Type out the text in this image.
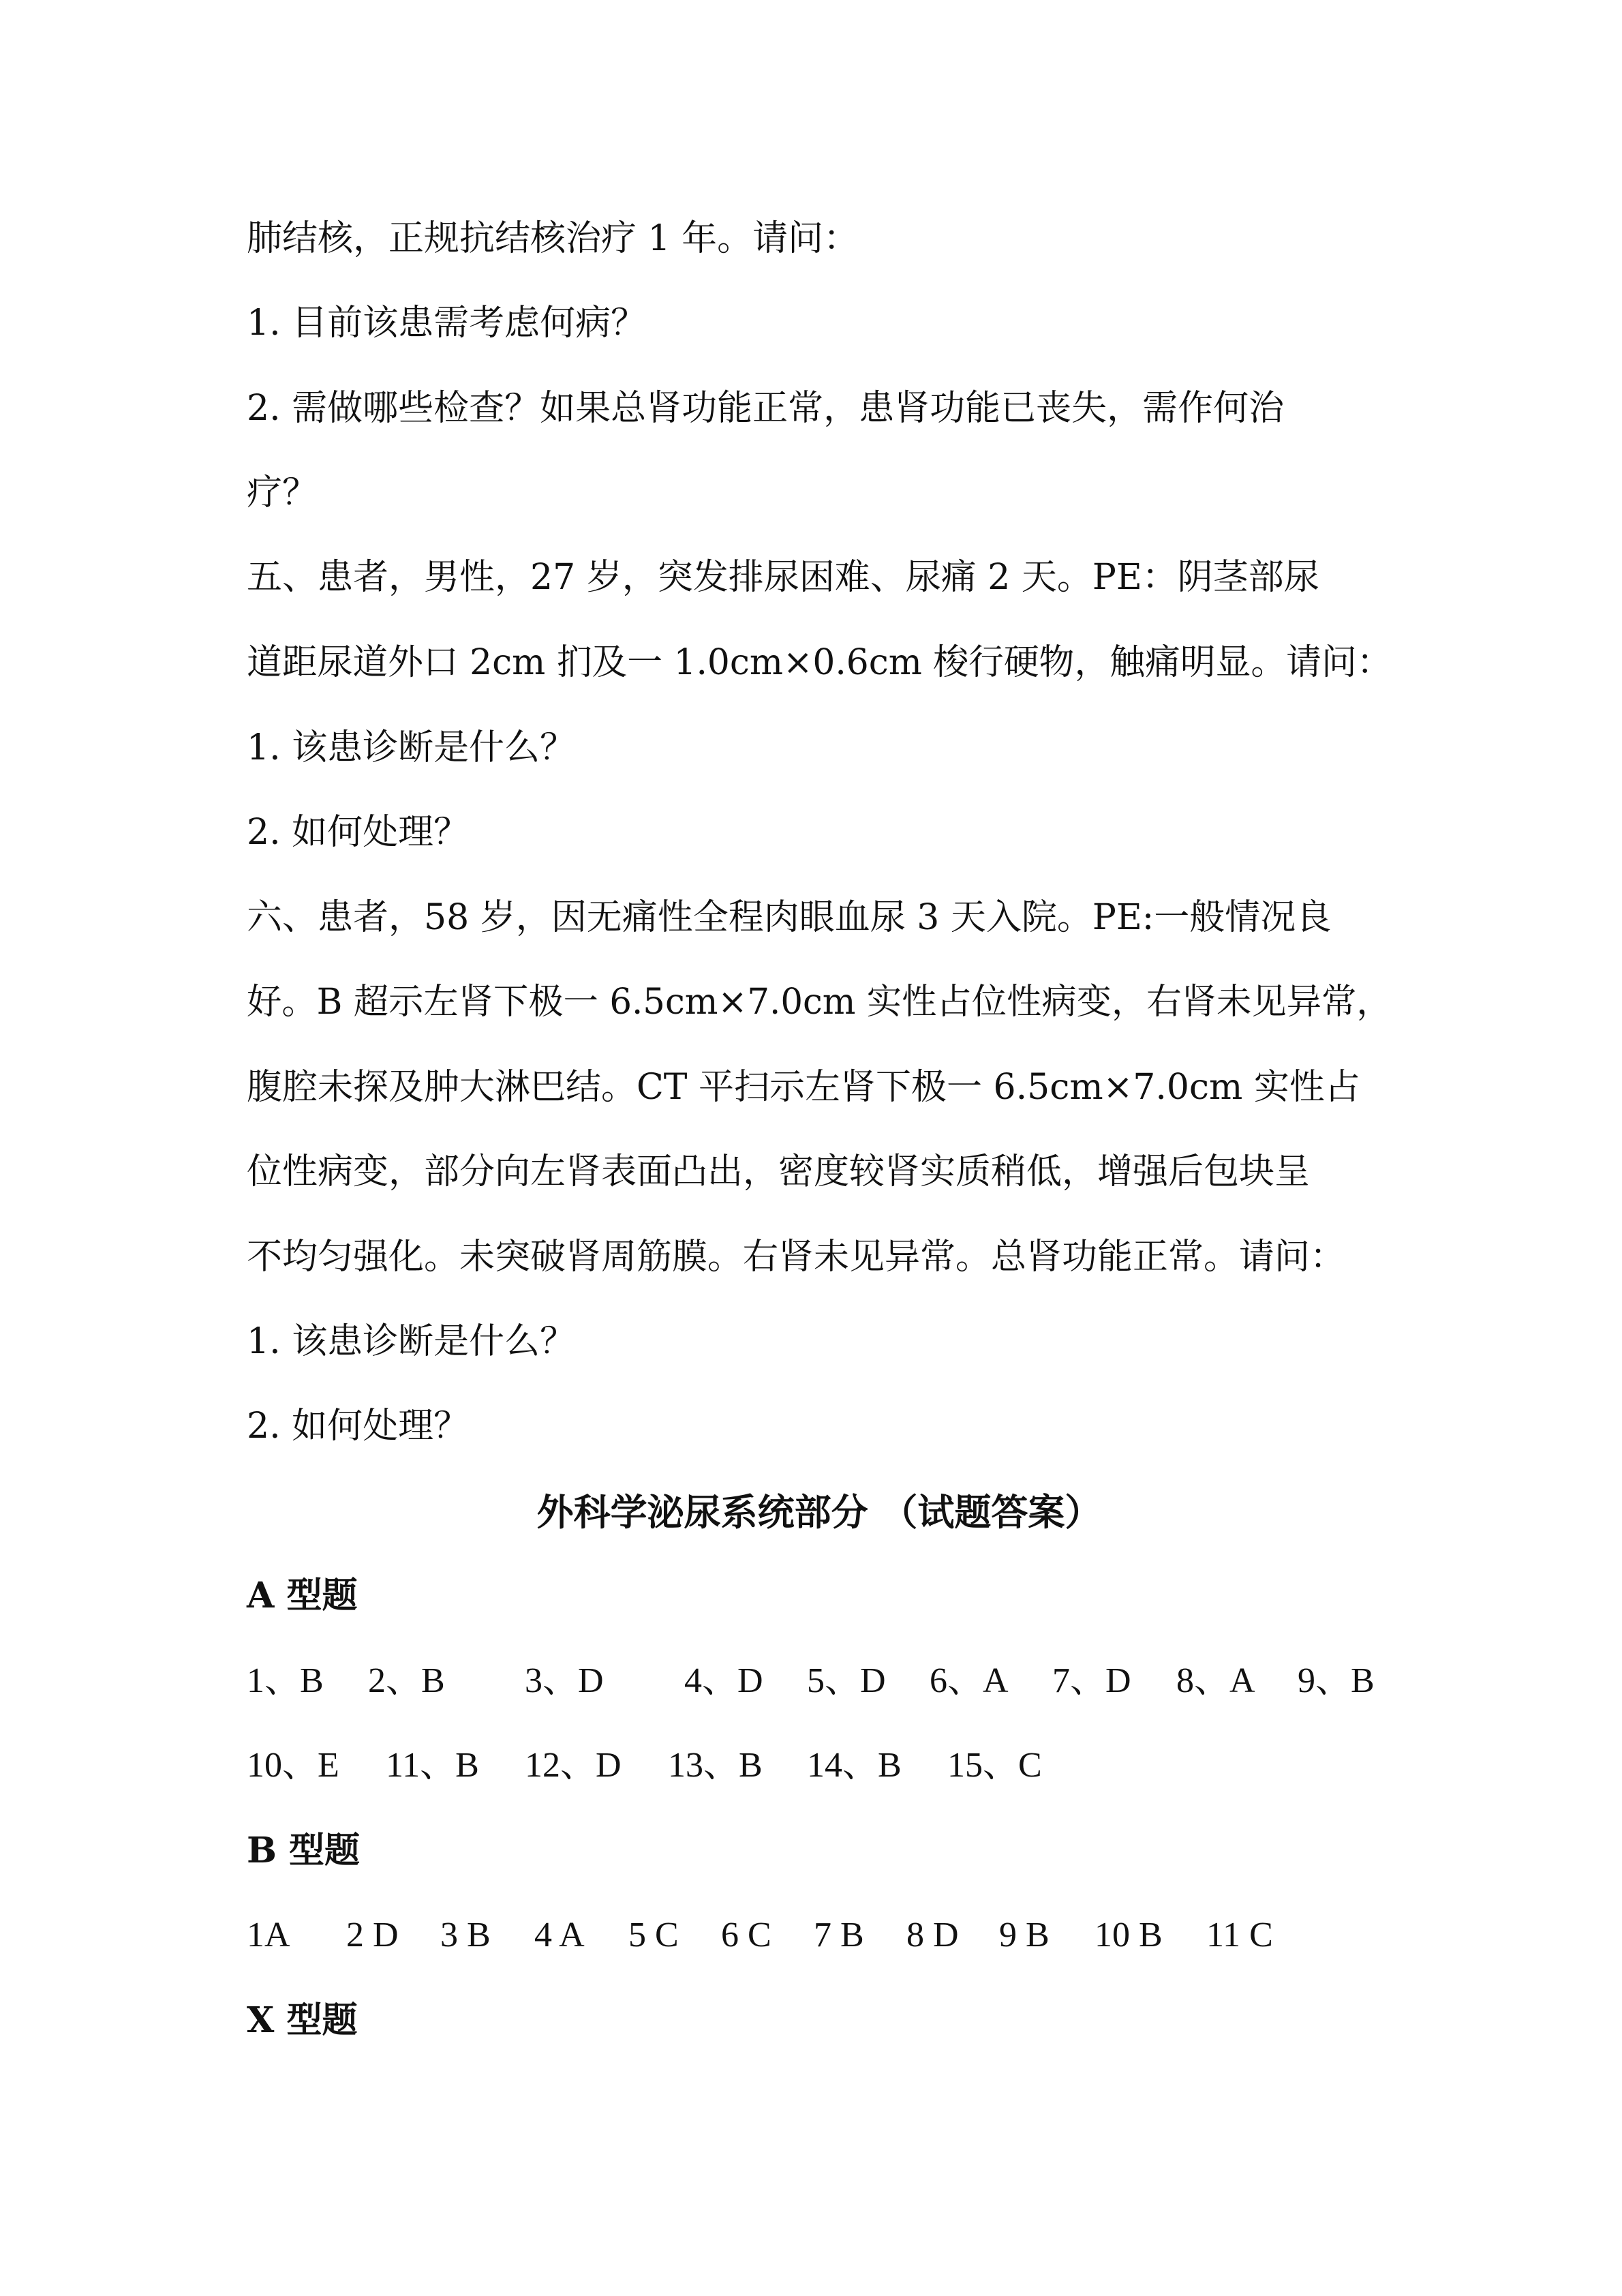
肺结核，正规抗结核治疗 1 年。请问：
1. 目前该患需考虑何病？
2. 需做哪些检查？如果总肾功能正常，患肾功能已丧失，需作何治
疗？
五、患者，男性，27 岁，突发排尿困难、尿痛 2 天。PE：阴茎部尿
道距尿道外口 2cm 扪及一 1.0cm×0.6cm 梭行硬物，触痛明显。请问：
1. 该患诊断是什么？
2. 如何处理？
六、患者，58 岁，因无痛性全程肉眼血尿 3 天入院。PE:一般情况良
好。B 超示左肾下极一 6.5cm×7.0cm 实性占位性病变，右肾未见异常，
腹腔未探及肿大淋巴结。CT 平扫示左肾下极一 6.5cm×7.0cm 实性占
位性病变，部分向左肾表面凸出，密度较肾实质稍低，增强后包块呈
不均匀强化。未突破肾周筋膜。右肾未见异常。总肾功能正常。请问：
1. 该患诊断是什么？
2. 如何处理？
外科学泌尿系统部分 （试题答案）
A 型题
1、B 2、B 3、D 4、D 5、D 6、A 7、D 8、A 9、B
10、E 11、B 12、D 13、B 14、B 15、C
B 型题
1A 2 D 3 B 4 A 5 C 6 C 7 B 8 D 9 B 10 B 11 C
X 型题
